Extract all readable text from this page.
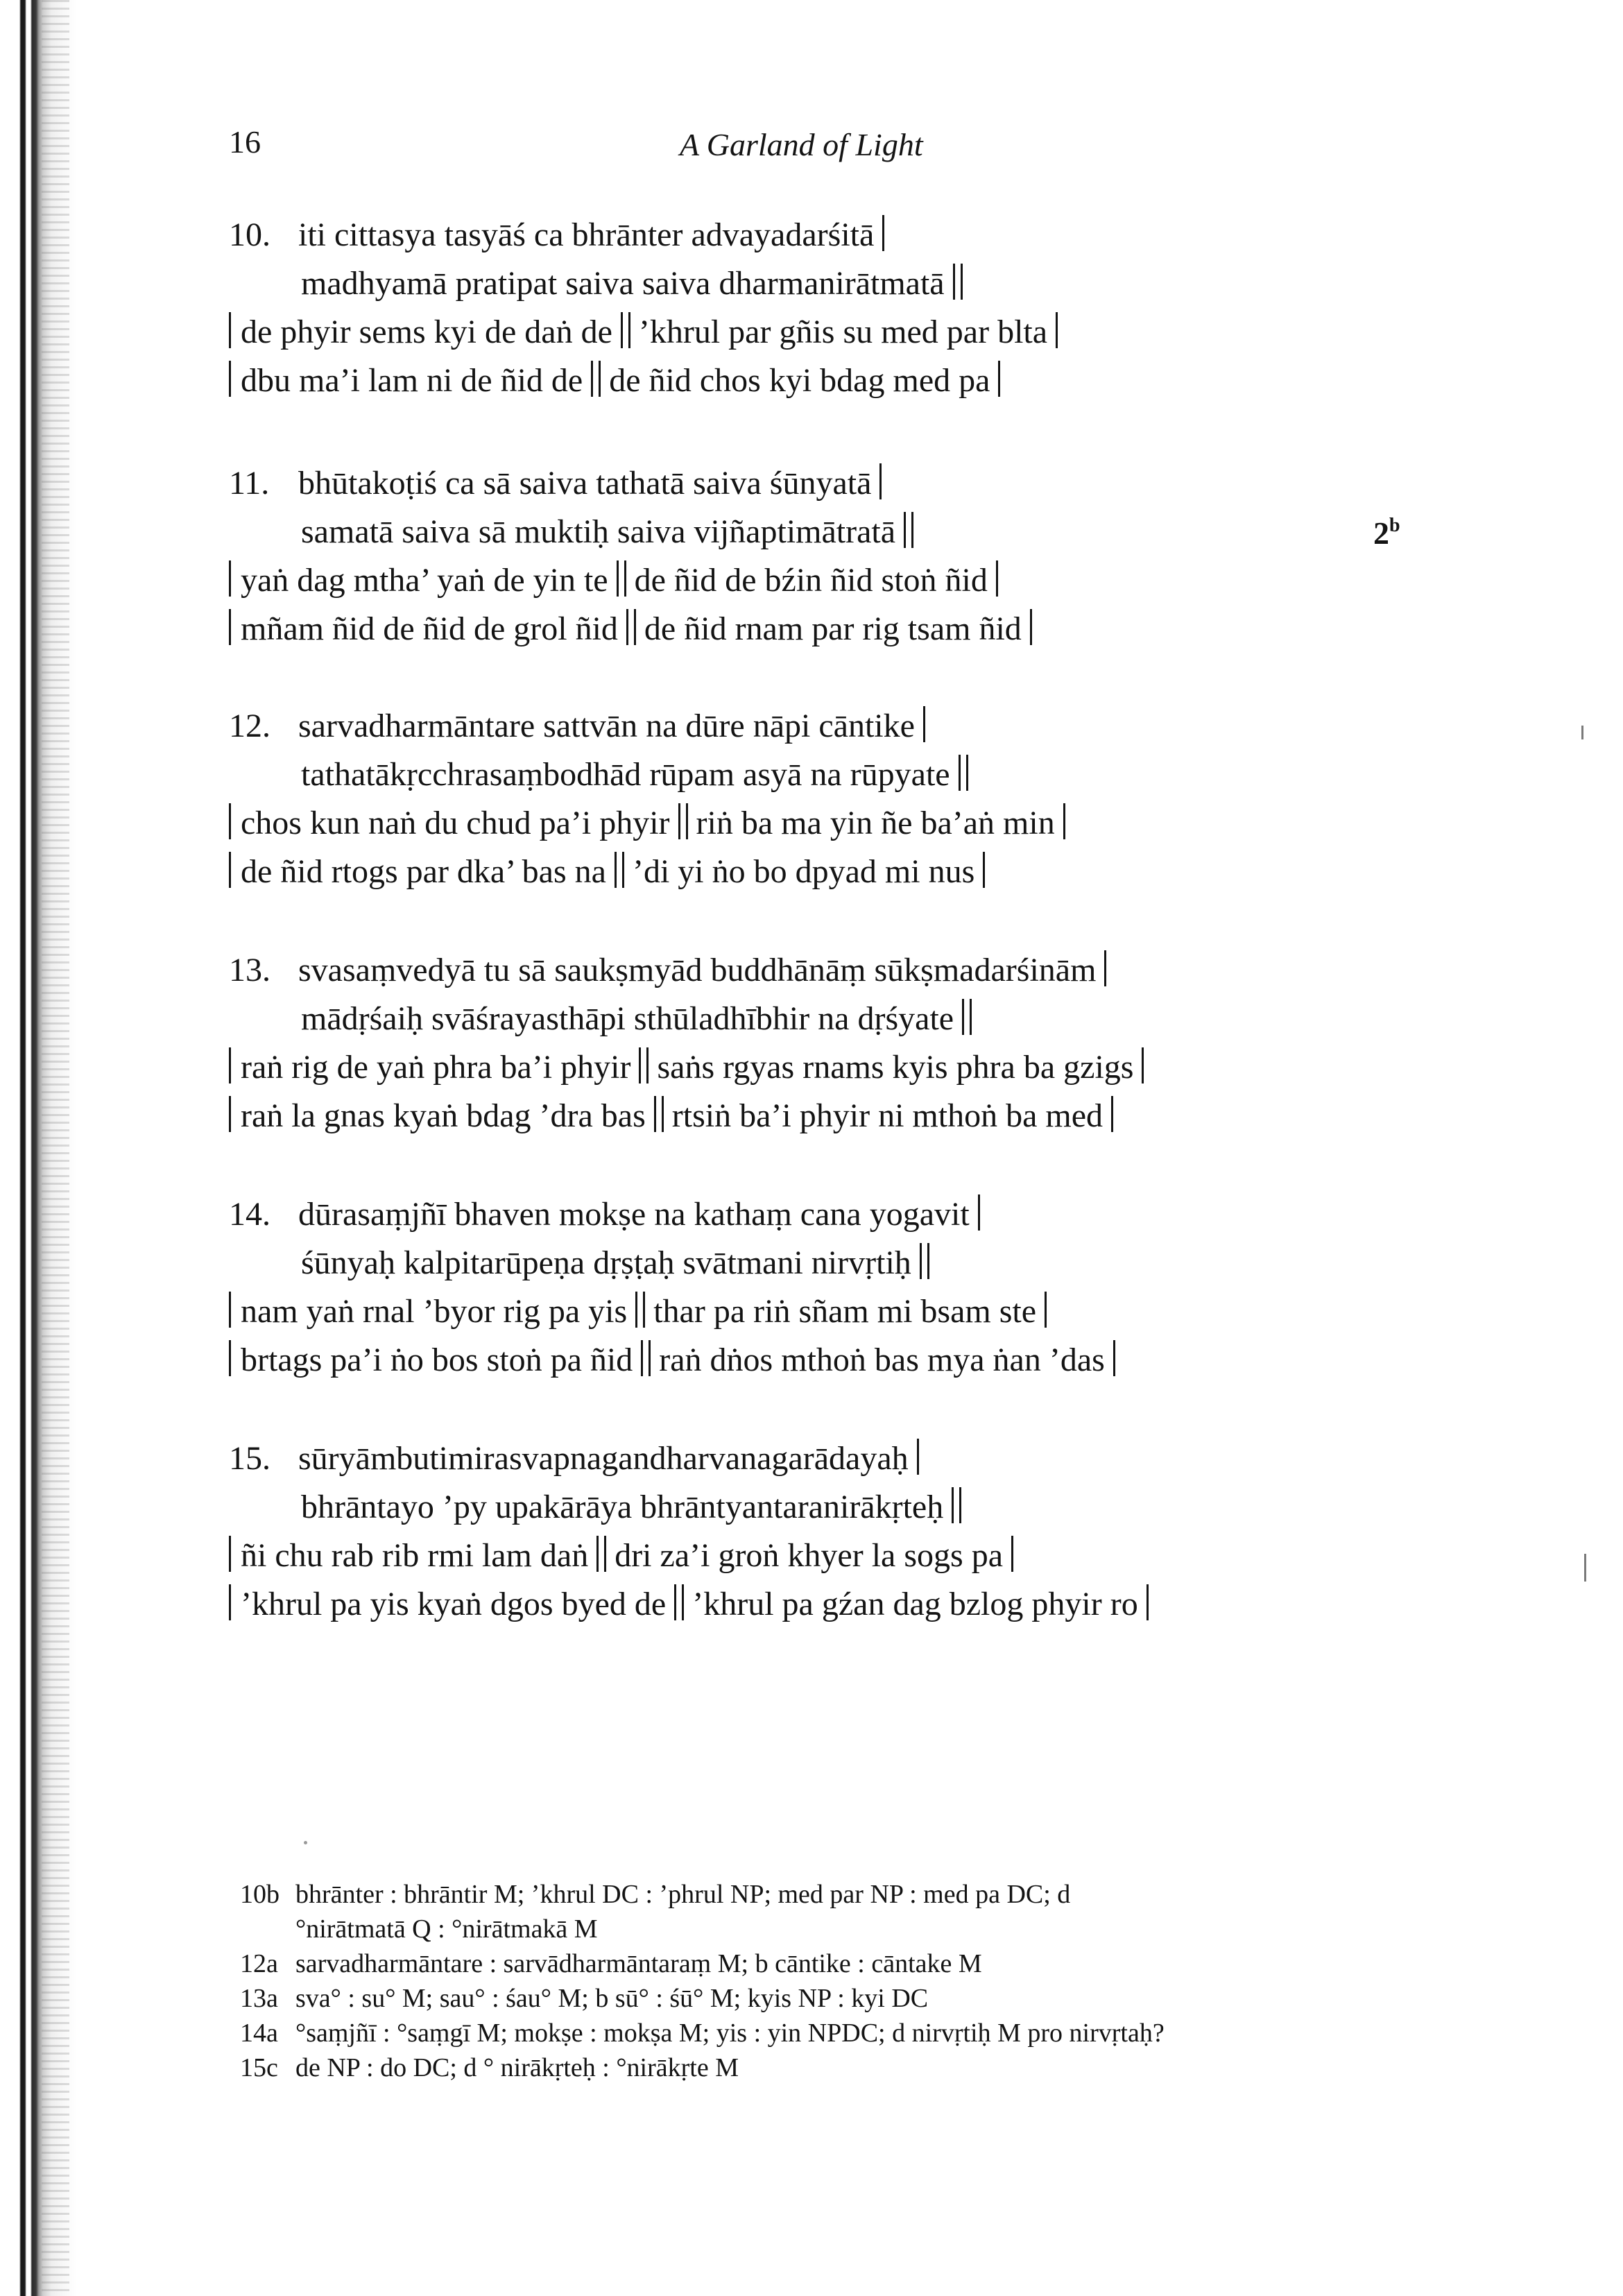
16	A Garland of Light
2$^b$
10. iti cittasya tasyāś ca bhrānter advayadarśitā
madhyamā pratipat saiva saiva dharmanirātmatā
de phyir sems kyi de daṅ de ’khrul par gñis su med par blta
dbu ma’i lam ni de ñid de de ñid chos kyi bdag med pa
11. bhūtakoṭiś ca sā saiva tathatā saiva śūnyatā
samatā saiva sā muktiḥ saiva vijñaptimātratā
yaṅ dag mtha’ yaṅ de yin te de ñid de bźin ñid stoṅ ñid
mñam ñid de ñid de grol ñid de ñid rnam par rig tsam ñid
12. sarvadharmāntare sattvān na dūre nāpi cāntike
tathatākṛcchrasaṃbodhād rūpam asyā na rūpyate
chos kun naṅ du chud pa’i phyir riṅ ba ma yin ñe ba’aṅ min
de ñid rtogs par dka’ bas na ’di yi ṅo bo dpyad mi nus
13. svasaṃvedyā tu sā saukṣmyād buddhānāṃ sūkṣmadarśinām
mādṛśaiḥ svāśrayasthāpi sthūladhībhir na dṛśyate
raṅ rig de yaṅ phra ba’i phyir saṅs rgyas rnams kyis phra ba gzigs
raṅ la gnas kyaṅ bdag ’dra bas rtsiṅ ba’i phyir ni mthoṅ ba med
14. dūrasaṃjñī bhaven mokṣe na kathaṃ cana yogavit
śūnyaḥ kalpitarūpeṇa dṛṣṭaḥ svātmani nirvṛtiḥ
nam yaṅ rnal ’byor rig pa yis thar pa riṅ sñam mi bsam ste
brtags pa’i ṅo bos stoṅ pa ñid raṅ dṅos mthoṅ bas mya ṅan ’das
15. sūryāmbutimirasvapnagandharvanagarādayaḥ
bhrāntayo ’py upakārāya bhrāntyantaranirākṛteḥ
ñi chu rab rib rmi lam daṅ dri za’i groṅ khyer la sogs pa
’khrul pa yis kyaṅ dgos byed de ’khrul pa gźan dag bzlog phyir ro
10b bhrānter : bhrāntir M; ’khrul DC : ’phrul NP; med par NP : med pa DC; d
°nirātmatā Q : °nirātmakā M
12a sarvadharmāntare : sarvādharmāntaraṃ M; b cāntike : cāntake M
13a sva° : su° M; sau° : śau° M; b sū° : śū° M; kyis NP : kyi DC
14a °saṃjñī : °saṃgī M; mokṣe : mokṣa M; yis : yin NPDC; d nirvṛtiḥ M pro nirvṛtaḥ?
15c de NP : do DC; d ° nirākṛteḥ : °nirākṛte M
